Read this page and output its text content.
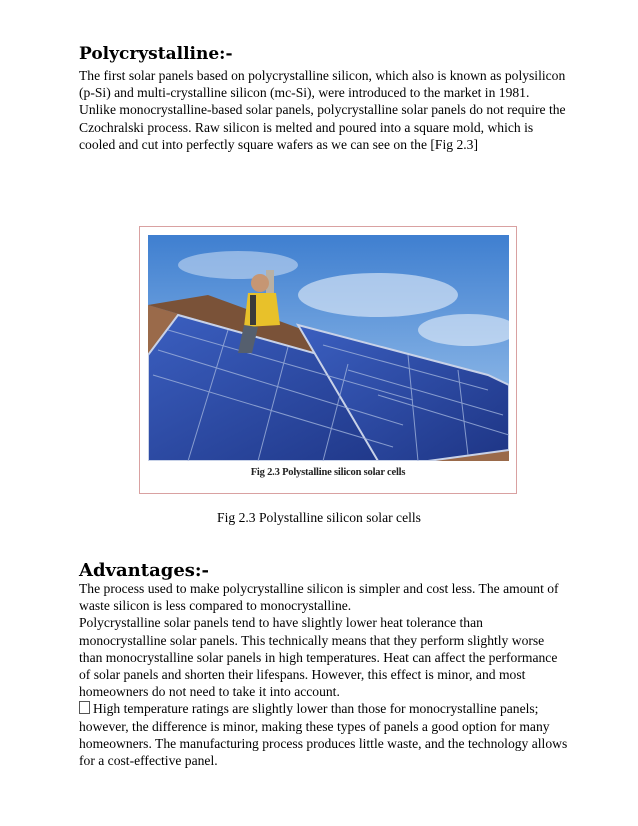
Polycrystalline:-
The first solar panels based on polycrystalline silicon, which also is known as polysilicon (p-Si) and multi-crystalline silicon (mc-Si), were introduced to the market in 1981. Unlike monocrystalline-based solar panels, polycrystalline solar panels do not require the Czochralski process. Raw silicon is melted and poured into a square mold, which is cooled and cut into perfectly square wafers as we can see on the [Fig 2.3]
Fig 2.3 Polystalline silicon solar cells
Fig 2.3 Polystalline silicon solar cells
Advantages:-
The process used to make polycrystalline silicon is simpler and cost less. The amount of waste silicon is less compared to monocrystalline.
Polycrystalline solar panels tend to have slightly lower heat tolerance than monocrystalline solar panels. This technically means that they perform slightly worse than monocrystalline solar panels in high temperatures. Heat can affect the performance of solar panels and shorten their lifespans. However, this effect is minor, and most homeowners do not need to take it into account.
High temperature ratings are slightly lower than those for monocrystalline panels; however, the difference is minor, making these types of panels a good option for many homeowners. The manufacturing process produces little waste, and the technology allows for a cost-effective panel.
